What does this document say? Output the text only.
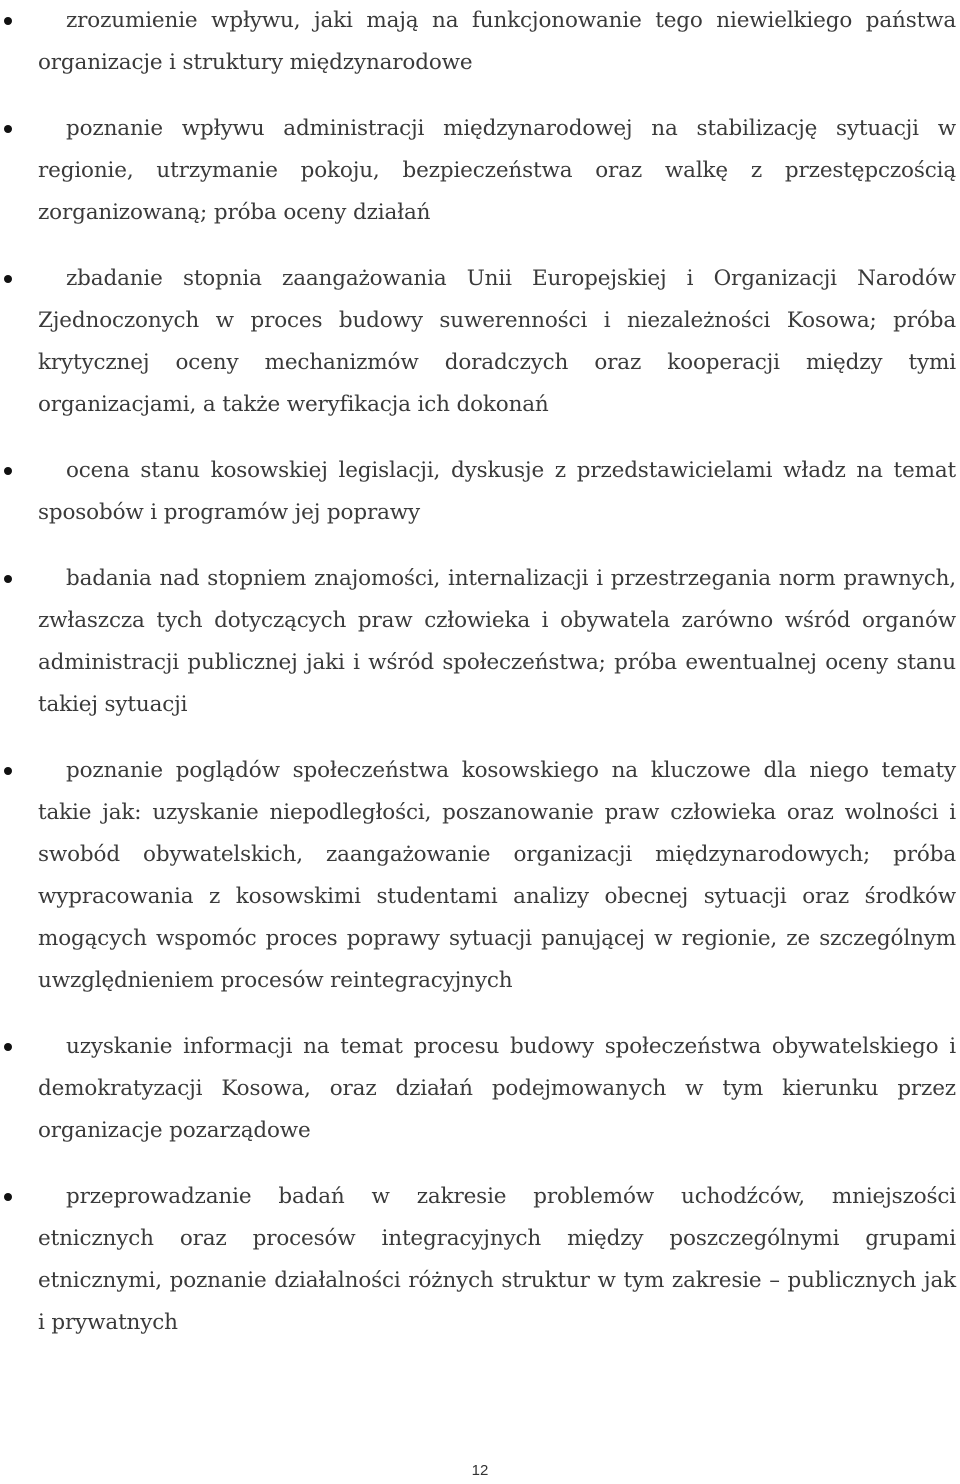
zrozumienie wpływu, jaki mają na funkcjonowanie tego niewielkiego państwa organizacje i struktury międzynarodowe
poznanie wpływu administracji międzynarodowej na stabilizację sytuacji w regionie, utrzymanie pokoju, bezpieczeństwa oraz walkę z przestępczością zorganizowaną; próba oceny działań
zbadanie stopnia zaangażowania Unii Europejskiej i Organizacji Narodów Zjednoczonych w proces budowy suwerenności i niezależności Kosowa; próba krytycznej oceny mechanizmów doradczych oraz kooperacji między tymi organizacjami, a także weryfikacja ich dokonań
ocena stanu kosowskiej legislacji, dyskusje z przedstawicielami władz na temat sposobów i programów jej poprawy
badania nad stopniem znajomości, internalizacji i przestrzegania norm prawnych, zwłaszcza tych dotyczących praw człowieka i obywatela zarówno wśród organów administracji publicznej jaki i wśród społeczeństwa; próba ewentualnej oceny stanu takiej sytuacji
poznanie poglądów społeczeństwa kosowskiego na kluczowe dla niego tematy takie jak: uzyskanie niepodległości, poszanowanie praw człowieka oraz wolności i swobód obywatelskich, zaangażowanie organizacji międzynarodowych; próba wypracowania z kosowskimi studentami analizy obecnej sytuacji oraz środków mogących wspomóc proces poprawy sytuacji panującej w regionie, ze szczególnym uwzględnieniem procesów reintegracyjnych
uzyskanie informacji na temat procesu budowy społeczeństwa obywatelskiego i demokratyzacji Kosowa, oraz działań podejmowanych w tym kierunku przez organizacje pozarządowe
przeprowadzanie badań w zakresie problemów uchodźców, mniejszości etnicznych oraz procesów integracyjnych między poszczególnymi grupami etnicznymi, poznanie działalności różnych struktur w tym zakresie – publicznych jak i prywatnych
12
